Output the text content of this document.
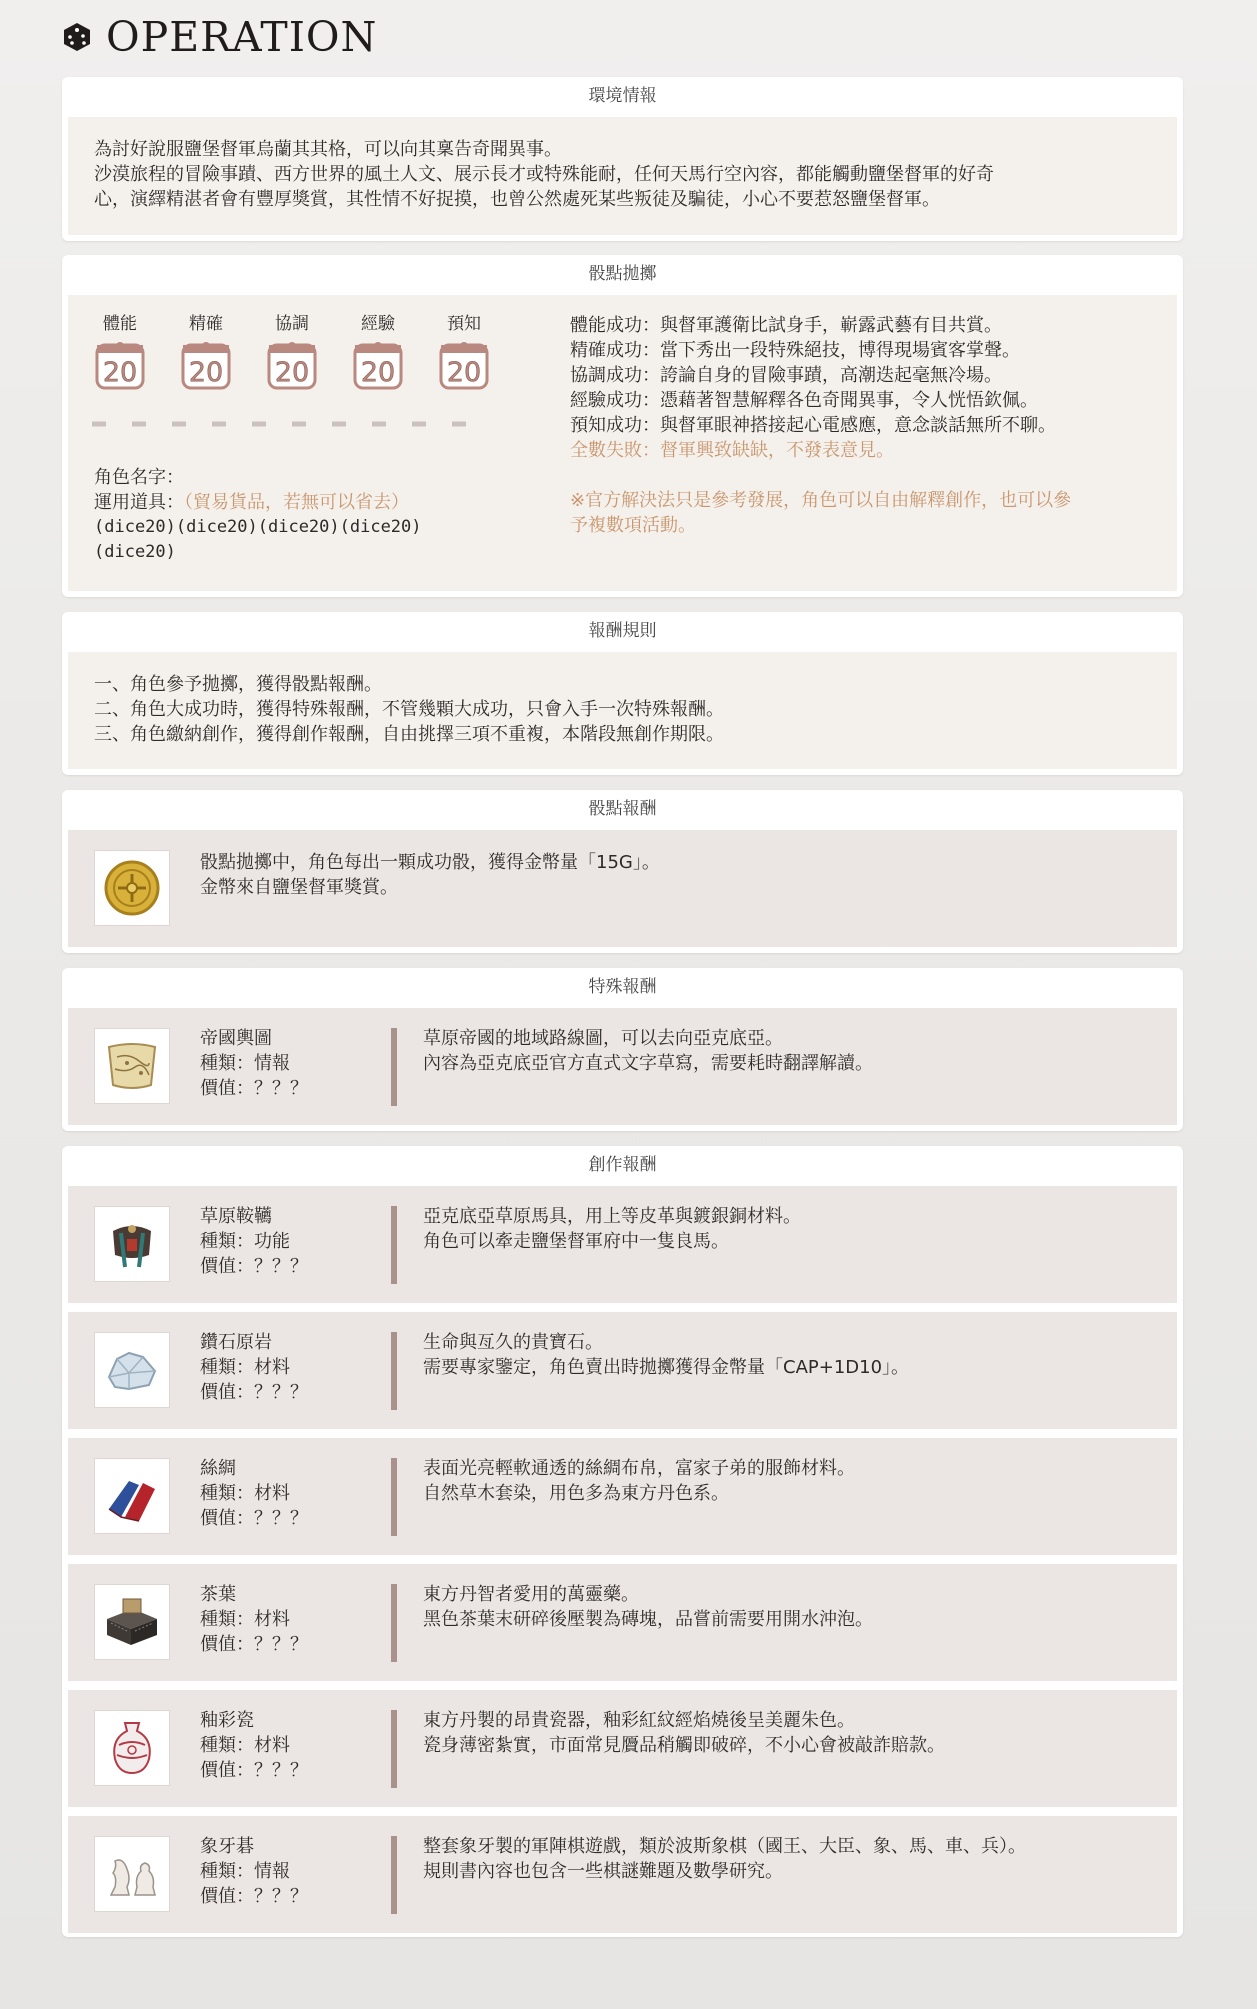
OPERATION
環境情報
為討好說服鹽堡督軍烏蘭其其格，可以向其稟告奇聞異事。
沙漠旅程的冒險事蹟、西方世界的風土人文、展示長才或特殊能耐，任何天馬行空內容，都能觸動鹽堡督軍的好奇
心，演繹精湛者會有豐厚獎賞，其性情不好捉摸，也曾公然處死某些叛徒及騙徒，小心不要惹怒鹽堡督軍。
骰點拋擲
體能
20
精確
20
協調
20
經驗
20
預知
20
角色名字：
運用道具：（貿易貨品，若無可以省去）
(dice20)(dice20)(dice20)(dice20)
(dice20)
體能成功：與督軍護衛比試身手，嶄露武藝有目共賞。
精確成功：當下秀出一段特殊絕技，博得現場賓客掌聲。
協調成功：誇論自身的冒險事蹟，高潮迭起毫無冷場。
經驗成功：憑藉著智慧解釋各色奇聞異事，令人恍悟欽佩。
預知成功：與督軍眼神搭接起心電感應，意念談話無所不聊。
全數失敗：督軍興致缺缺，不發表意見。
※官方解決法只是參考發展，角色可以自由解釋創作，也可以參
予複數項活動。
報酬規則
一、角色參予拋擲，獲得骰點報酬。
二、角色大成功時，獲得特殊報酬，不管幾顆大成功，只會入手一次特殊報酬。
三、角色繳納創作，獲得創作報酬，自由挑擇三項不重複，本階段無創作期限。
骰點報酬
骰點拋擲中，角色每出一顆成功骰，獲得金幣量「15G」。
金幣來自鹽堡督軍獎賞。
特殊報酬
帝國輿圖
種類：情報
價值：？？？
草原帝國的地域路線圖，可以去向亞克底亞。
內容為亞克底亞官方直式文字草寫，需要耗時翻譯解讀。
創作報酬
草原鞍韉
種類：功能
價值：？？？
亞克底亞草原馬具，用上等皮革與鍍銀銅材料。
角色可以牽走鹽堡督軍府中一隻良馬。
鑽石原岩
種類：材料
價值：？？？
生命與亙久的貴寶石。
需要專家鑒定，角色賣出時拋擲獲得金幣量「CAP+1D10」。
絲綢
種類：材料
價值：？？？
表面光亮輕軟通透的絲綢布帛，富家子弟的服飾材料。
自然草木套染，用色多為東方丹色系。
茶葉
種類：材料
價值：？？？
東方丹智者愛用的萬靈藥。
黑色茶葉末研碎後壓製為磚塊，品嘗前需要用開水沖泡。
釉彩瓷
種類：材料
價值：？？？
東方丹製的昂貴瓷器，釉彩紅紋經焰燒後呈美麗朱色。
瓷身薄密紮實，市面常見贗品稍觸即破碎，不小心會被敲詐賠款。
象牙碁
種類：情報
價值：？？？
整套象牙製的軍陣棋遊戲，類於波斯象棋（國王、大臣、象、馬、車、兵）。
規則書內容也包含一些棋謎難題及數學研究。
